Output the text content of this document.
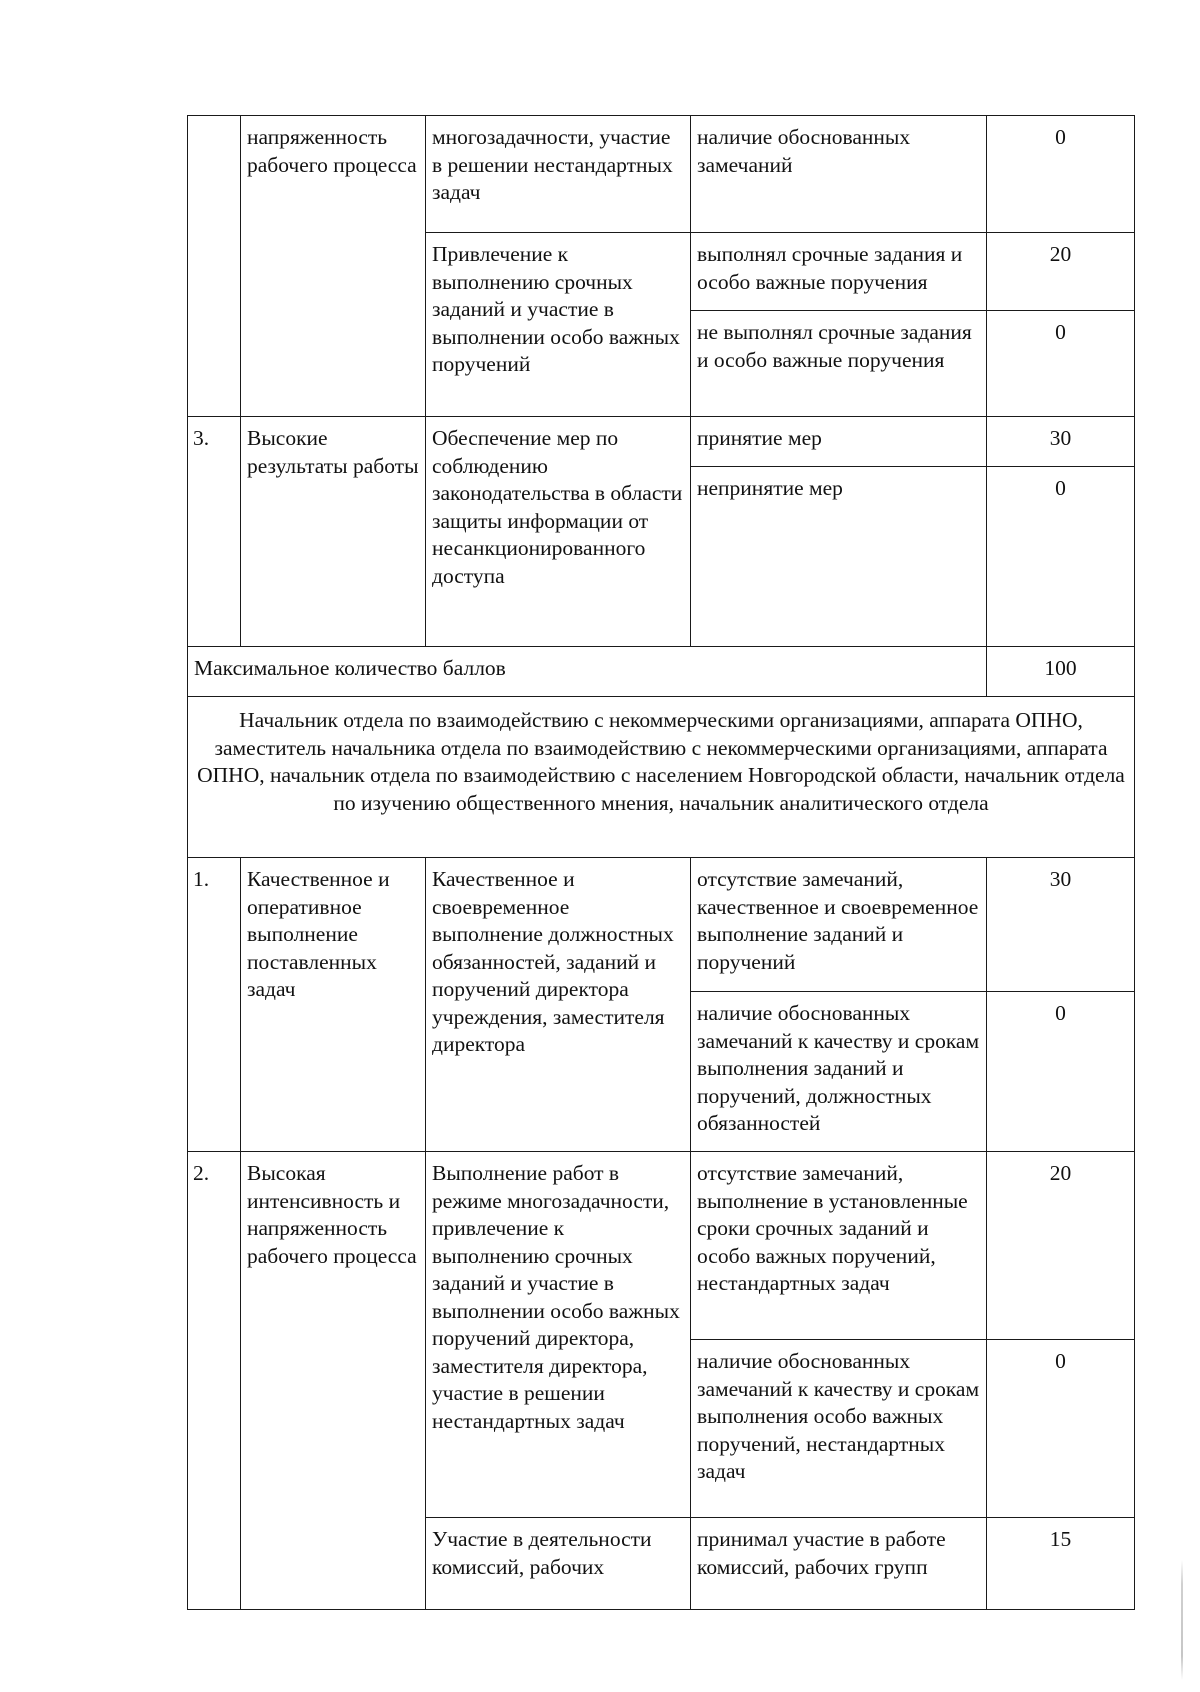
	напряженность рабочего процесса	многозадачности, участие в решении нестандартных задач	наличие обоснованных замечаний	0
		Привлечение к выполнению срочных заданий и участие в выполнении особо важных поручений	выполнял срочные задания и особо важные поручения	20
			не выполнял срочные задания и особо важные поручения	0
3.	Высокие результаты работы	Обеспечение мер по соблюдению законодательства в области защиты информации от несанкционированного доступа	принятие мер	30
			непринятие мер	0
Максимальное количество баллов				100
Начальник отдела по взаимодействию с некоммерческими организациями, аппарата ОПНО, заместитель начальника отдела по взаимодействию с некоммерческими организациями, аппарата ОПНО, начальник отдела по взаимодействию с населением Новгородской области, начальник отдела по изучению общественного мнения, начальник аналитического отдела				
1.	Качественное и оперативное выполнение поставленных задач	Качественное и своевременное выполнение должностных обязанностей, заданий и поручений директора учреждения, заместителя директора	отсутствие замечаний, качественное и своевременное выполнение заданий и поручений	30
			наличие обоснованных замечаний к качеству и срокам выполнения заданий и поручений, должностных обязанностей	0
2.	Высокая интенсивность и напряженность рабочего процесса	Выполнение работ в режиме многозадачности, привлечение к выполнению срочных заданий и участие в выполнении особо важных поручений директора, заместителя директора, участие в решении нестандартных задач	отсутствие замечаний, выполнение в установленные сроки срочных заданий и особо важных поручений, нестандартных задач	20
			наличие обоснованных замечаний к качеству и срокам выполнения особо важных поручений, нестандартных задач	0
		Участие в деятельности комиссий, рабочих	принимал участие в работе комиссий, рабочих групп	15
